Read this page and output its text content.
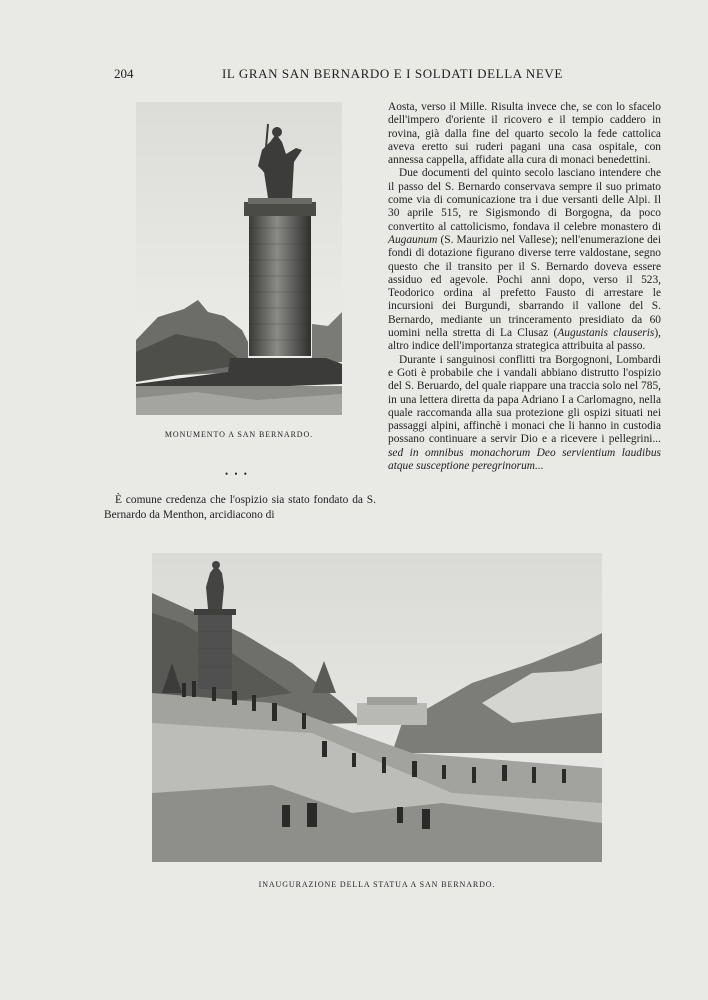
204	IL GRAN SAN BERNARDO E I SOLDATI DELLA NEVE
MONUMENTO A SAN BERNARDO.
• • •

Aosta, verso il Mille. Risulta invece che, se con lo sfacelo dell'impero d'oriente il ricovero e il tempio caddero in rovina, già dalla fine del quarto secolo la fede cattolica aveva eretto sui ruderi pagani una casa ospitale, con annessa cappella, affidate alla cura di monaci benedettini.

Due documenti del quinto secolo lasciano intendere che il passo del S. Bernardo conservava sempre il suo primato come via di comunicazione tra i due versanti delle Alpi. Il 30 aprile 515, re Sigismondo di Borgogna, da poco convertito al cattolicismo, fondava il celebre monastero di Augaunum (S. Maurizio nel Vallese); nell'enumerazione dei fondi di dotazione figurano diverse terre valdostane, segno questo che il transito per il S. Bernardo doveva essere assiduo ed agevole. Pochi anni dopo, verso il 523, Teodorico ordina al prefetto Fausto di arrestare le incursioni dei Burgundi, sbarrando il vallone del S. Bernardo, mediante un trinceramento presidiato da 60 uomini nella stretta di La Clusaz (Augustanis clauseris), altro indice dell'importanza strategica attribuita al passo.

Durante i sanguinosi conflitti tra Borgognoni, Lombardi e Goti è probabile che i vandali abbiano distrutto l'ospizio del S. Beruardo, del quale riappare una traccia solo nel 785, in una lettera diretta da papa Adriano I a Carlomagno, nella quale raccomanda alla sua protezione gli ospizi situati nei passaggi alpini, affinchè i monaci che li hanno in custodia possano continuare a servir Dio e a ricevere i pellegrini... sed in omnibus monachorum Deo servientium laudibus atque susceptione peregrinorum...

È comune credenza che l'ospizio sia stato fondato da S. Bernardo da Menthon, arcidiacono di

INAUGURAZIONE DELLA STATUA A SAN BERNARDO.
